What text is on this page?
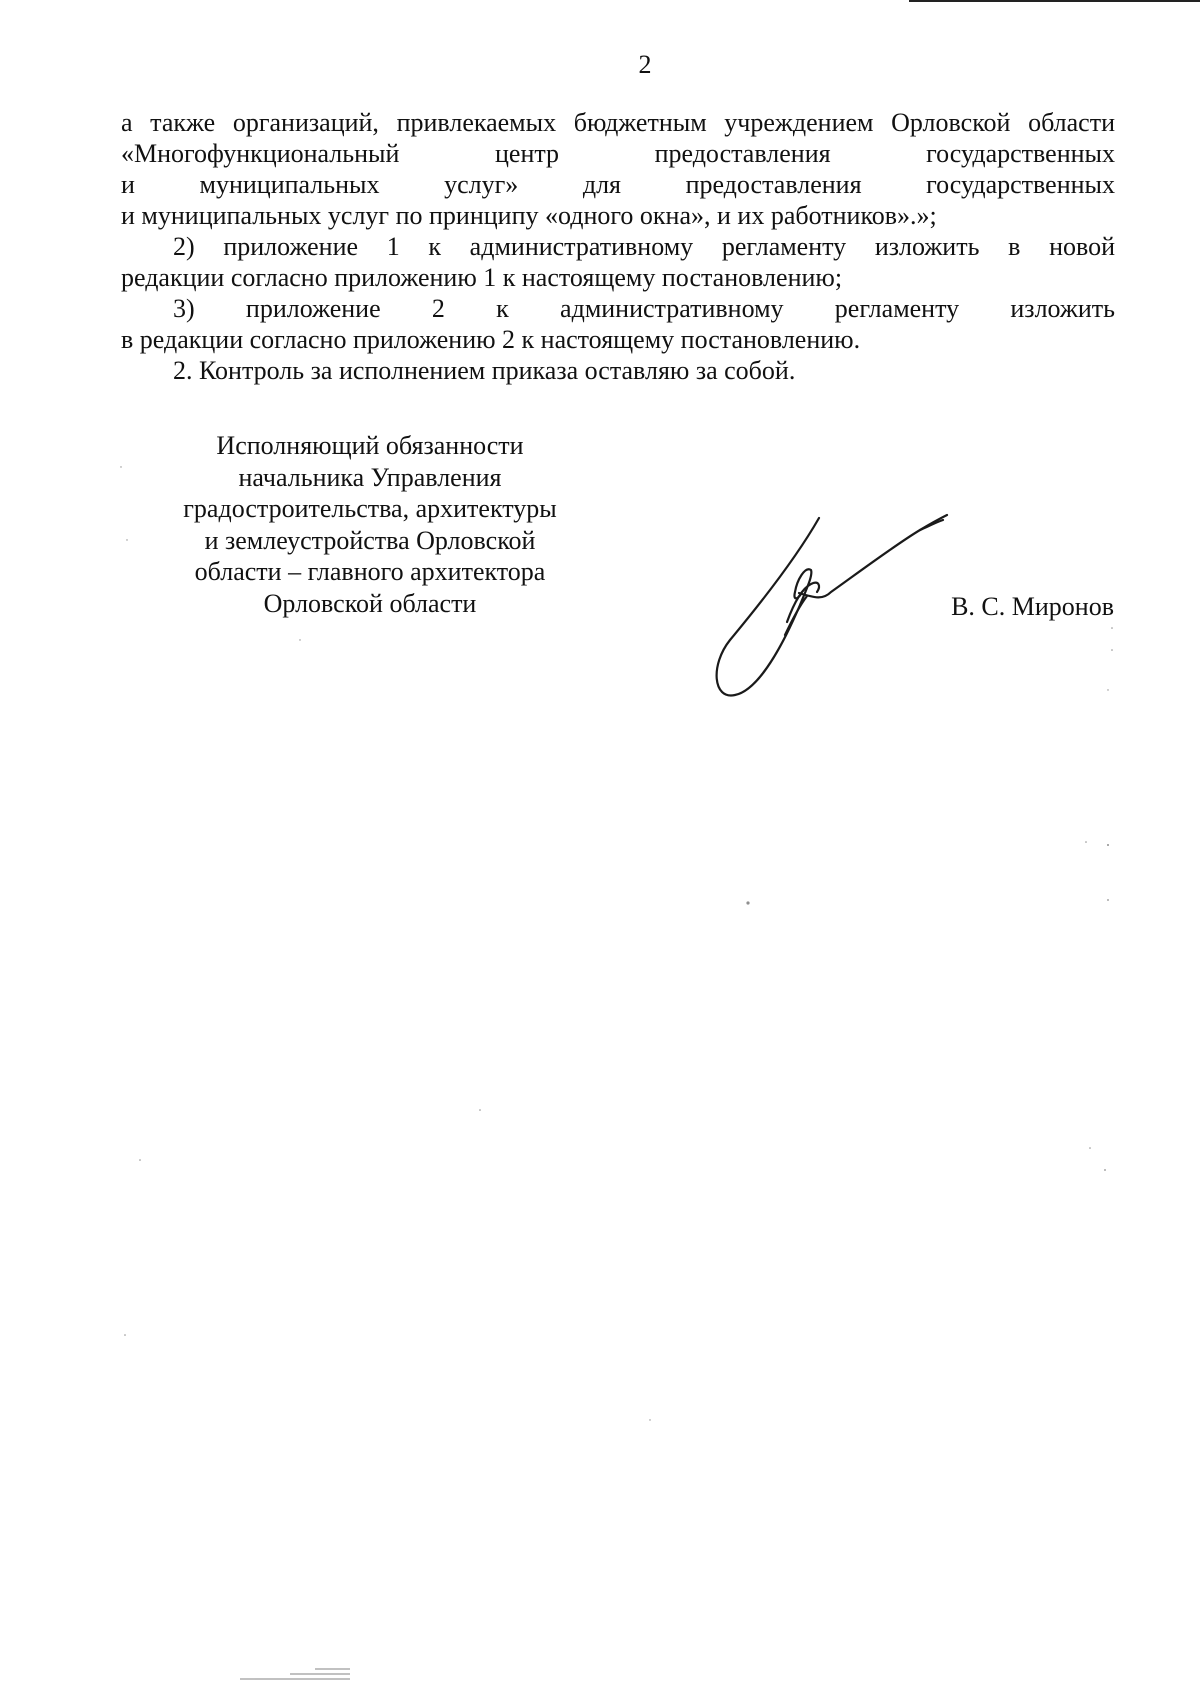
2

а также организаций, привлекаемых бюджетным учреждением Орловской области

«Многофункциональный центр предоставления государственных

и муниципальных услуг» для предоставления государственных

и муниципальных услуг по принципу «одного окна», и их работников».»;

2) приложение 1 к административному регламенту изложить в новой

редакции согласно приложению 1 к настоящему постановлению;

3) приложение 2 к административному регламенту изложить

в редакции согласно приложению 2 к настоящему постановлению.

2. Контроль за исполнением приказа оставляю за собой.

Исполняющий обязанности
начальника Управления
градостроительства, архитектуры
и землеустройства Орловской
области – главного архитектора
Орловской области	В. С. Миронов
